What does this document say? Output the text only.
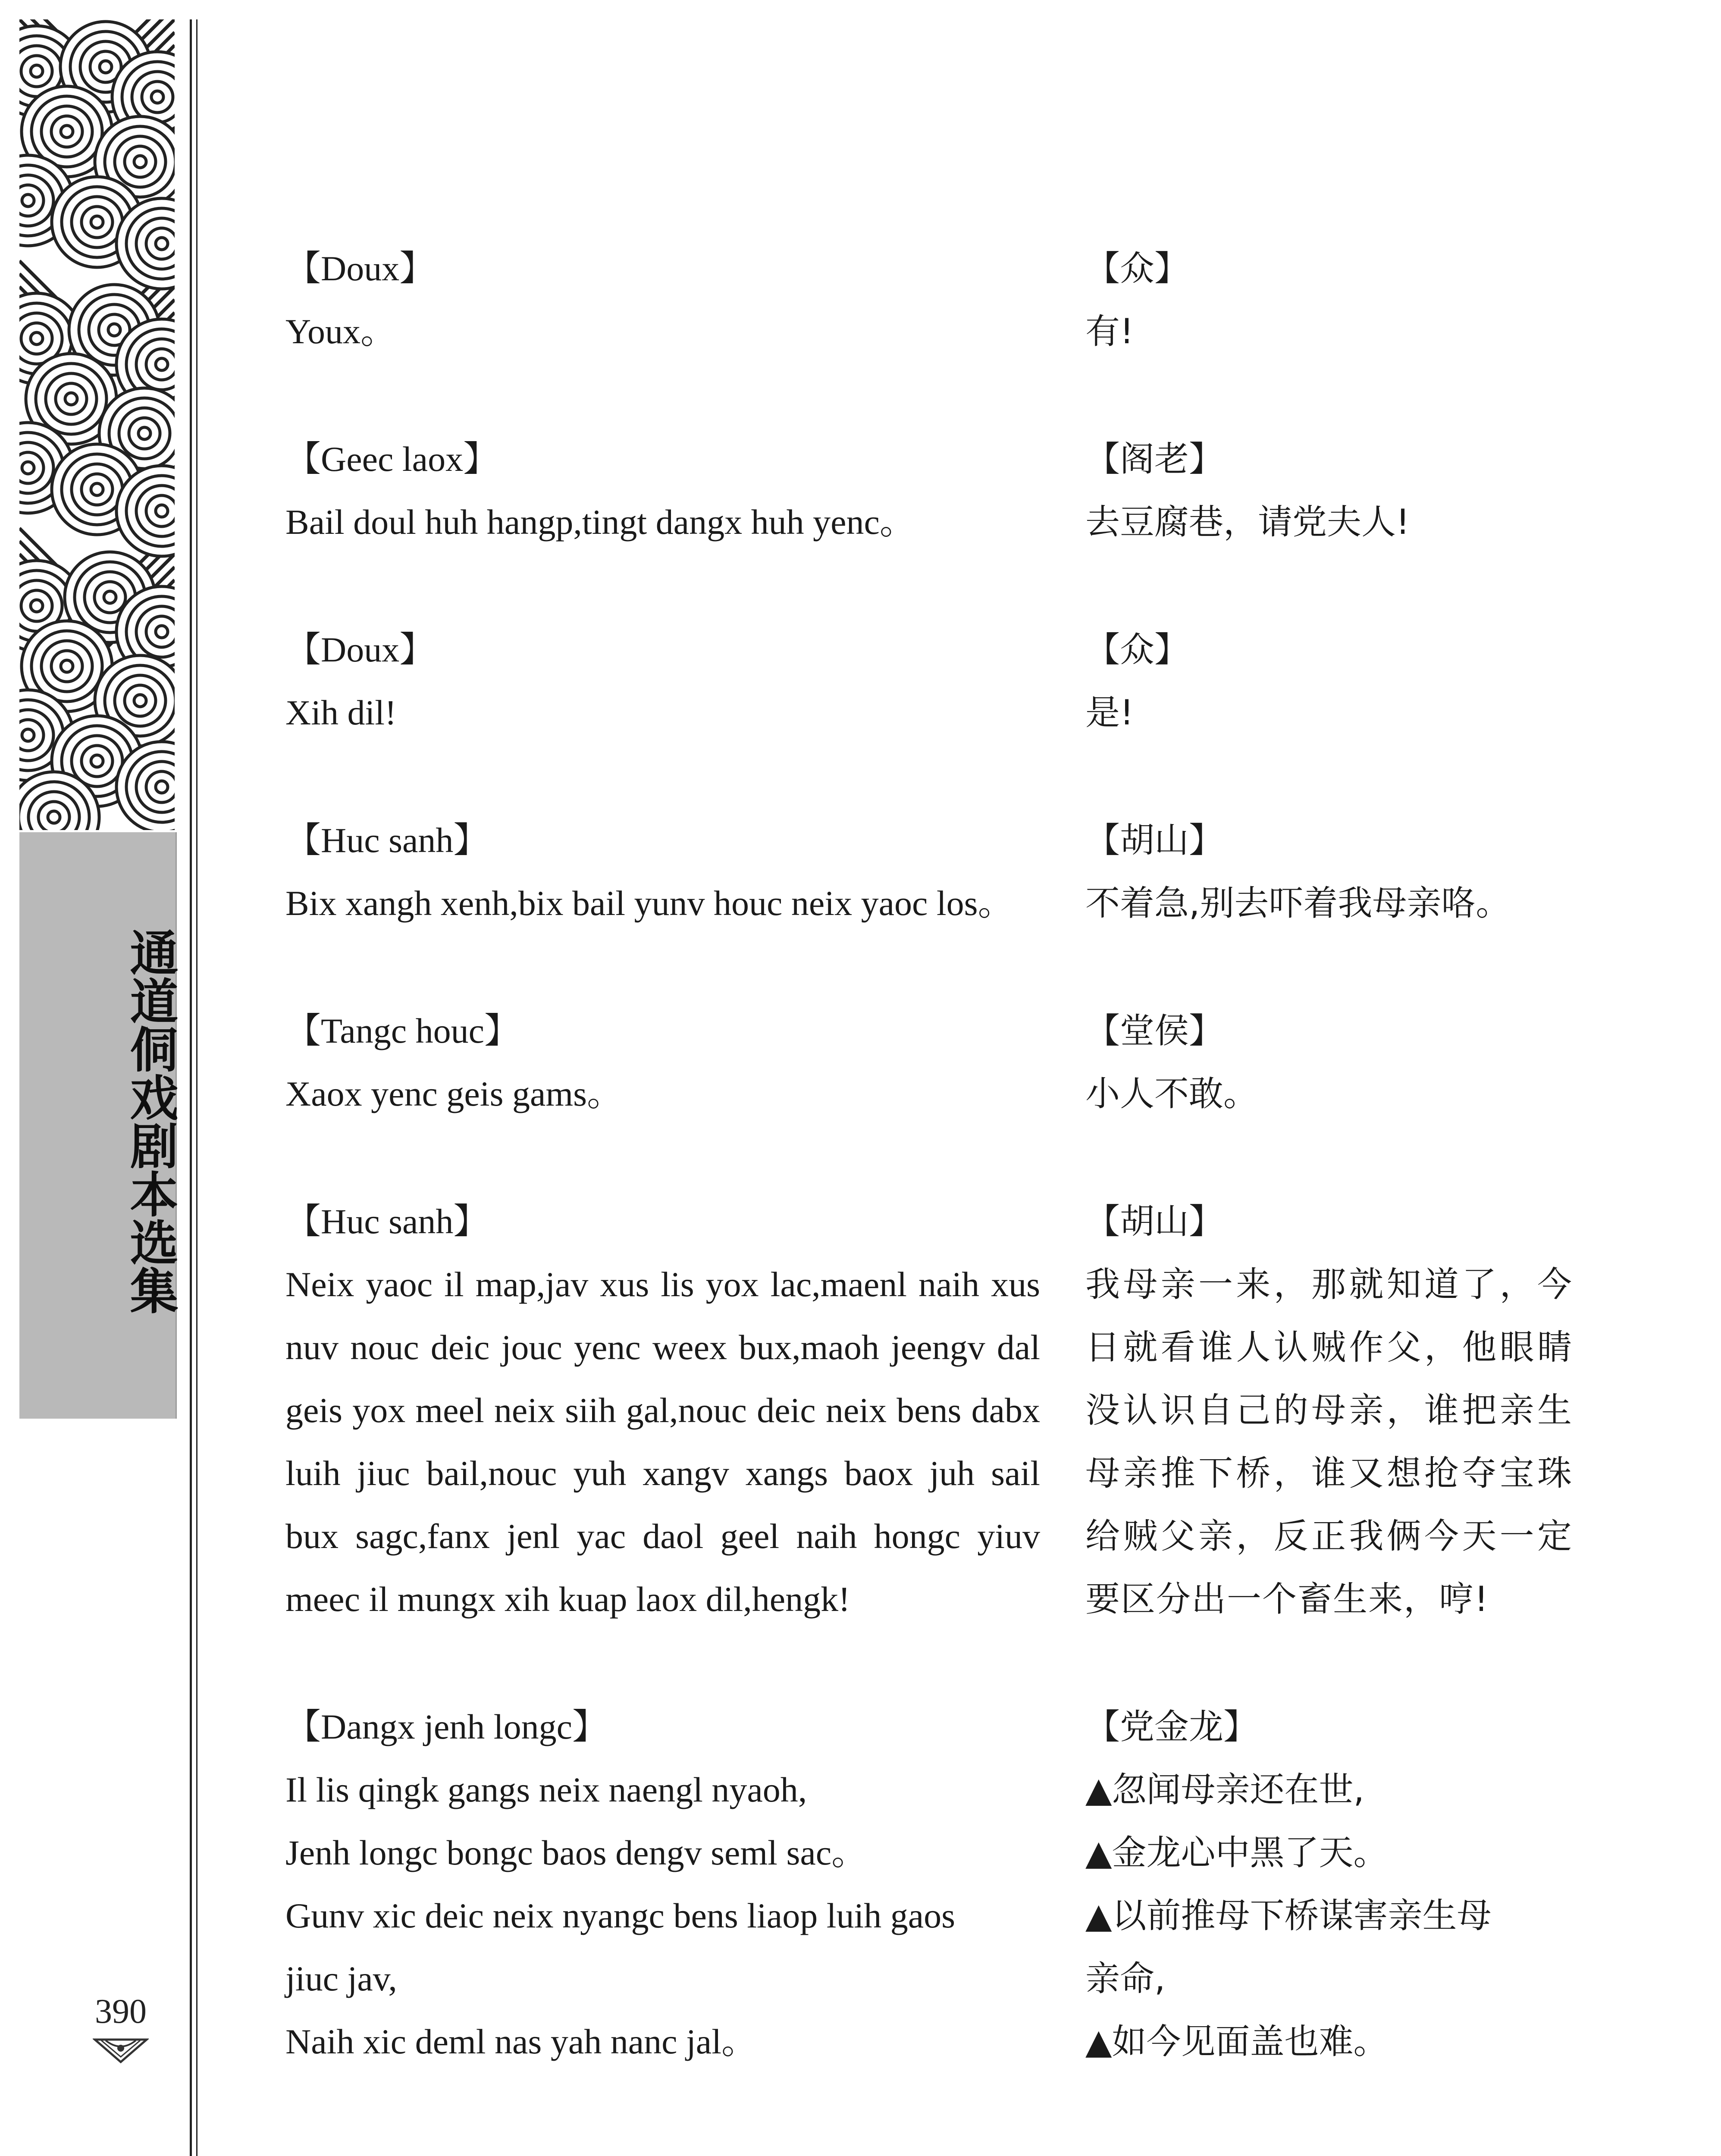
通道侗戏剧本选集
390
【Doux】
Youx。
【众】
有!
【Geec laox】
Bail doul huh hangp,tingt dangx huh yenc。
【阁老】
去豆腐巷，请党夫人!
【Doux】
Xih dil!
【众】
是!
【Huc sanh】
Bix xangh xenh,bix bail yunv houc neix yaoc los。
【胡山】
不着急,别去吓着我母亲咯。
【Tangc houc】
Xaox yenc geis gams。
【堂侯】
小人不敢。
【Huc sanh】
Neix yaoc il map,jav xus lis yox lac,maenl naih xus nuv nouc deic jouc yenc weex bux,maoh jeengv dal geis yox meel neix siih gal,nouc deic neix bens dabx luih jiuc bail,nouc yuh xangv xangs baox juh sail bux sagc,fanx jenl yac daol geel naih hongc yiuv meec il mungx xih kuap laox dil,hengk!
【胡山】
我母亲一来，那就知道了，今日就看谁人认贼作父，他眼睛没认识自己的母亲，谁把亲生母亲推下桥，谁又想抢夺宝珠给贼父亲，反正我俩今天一定要区分出一个畜生来，哼!
【Dangx jenh longc】
Il lis qingk gangs neix naengl nyaoh,
Jenh longc bongc baos dengv seml sac。
Gunv xic deic neix nyangc bens liaop luih gaos
jiuc jav,
Naih xic deml nas yah nanc jal。
【党金龙】
▲忽闻母亲还在世,
▲金龙心中黑了天。
▲以前推母下桥谋害亲生母
亲命,
▲如今见面盖也难。
